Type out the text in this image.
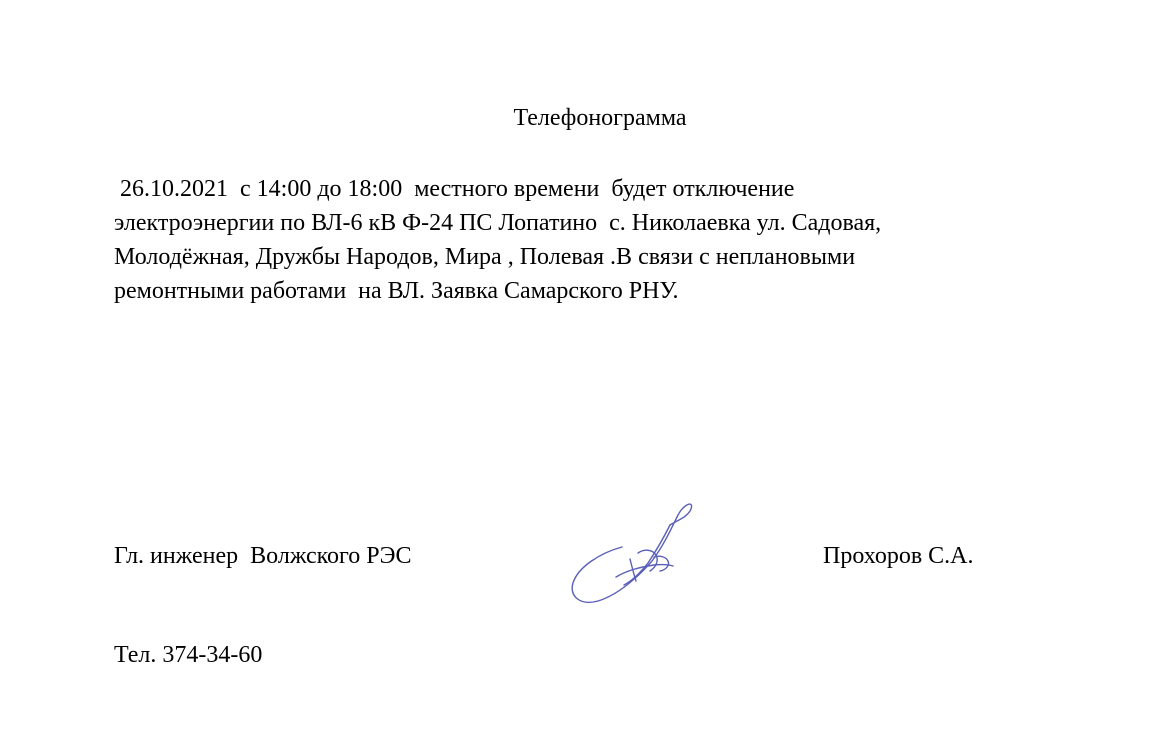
Телефонограмма
26.10.2021  с 14:00 до 18:00  местного времени  будет отключение
электроэнергии по ВЛ-6 кВ Ф-24 ПС Лопатино  с. Николаевка ул. Садовая,
Молодёжная, Дружбы Народов, Мира , Полевая .В связи с неплановыми
ремонтными работами  на ВЛ. Заявка Самарского РНУ.
Гл. инженер  Волжского РЭС	Прохоров С.А.
Тел. 374-34-60
